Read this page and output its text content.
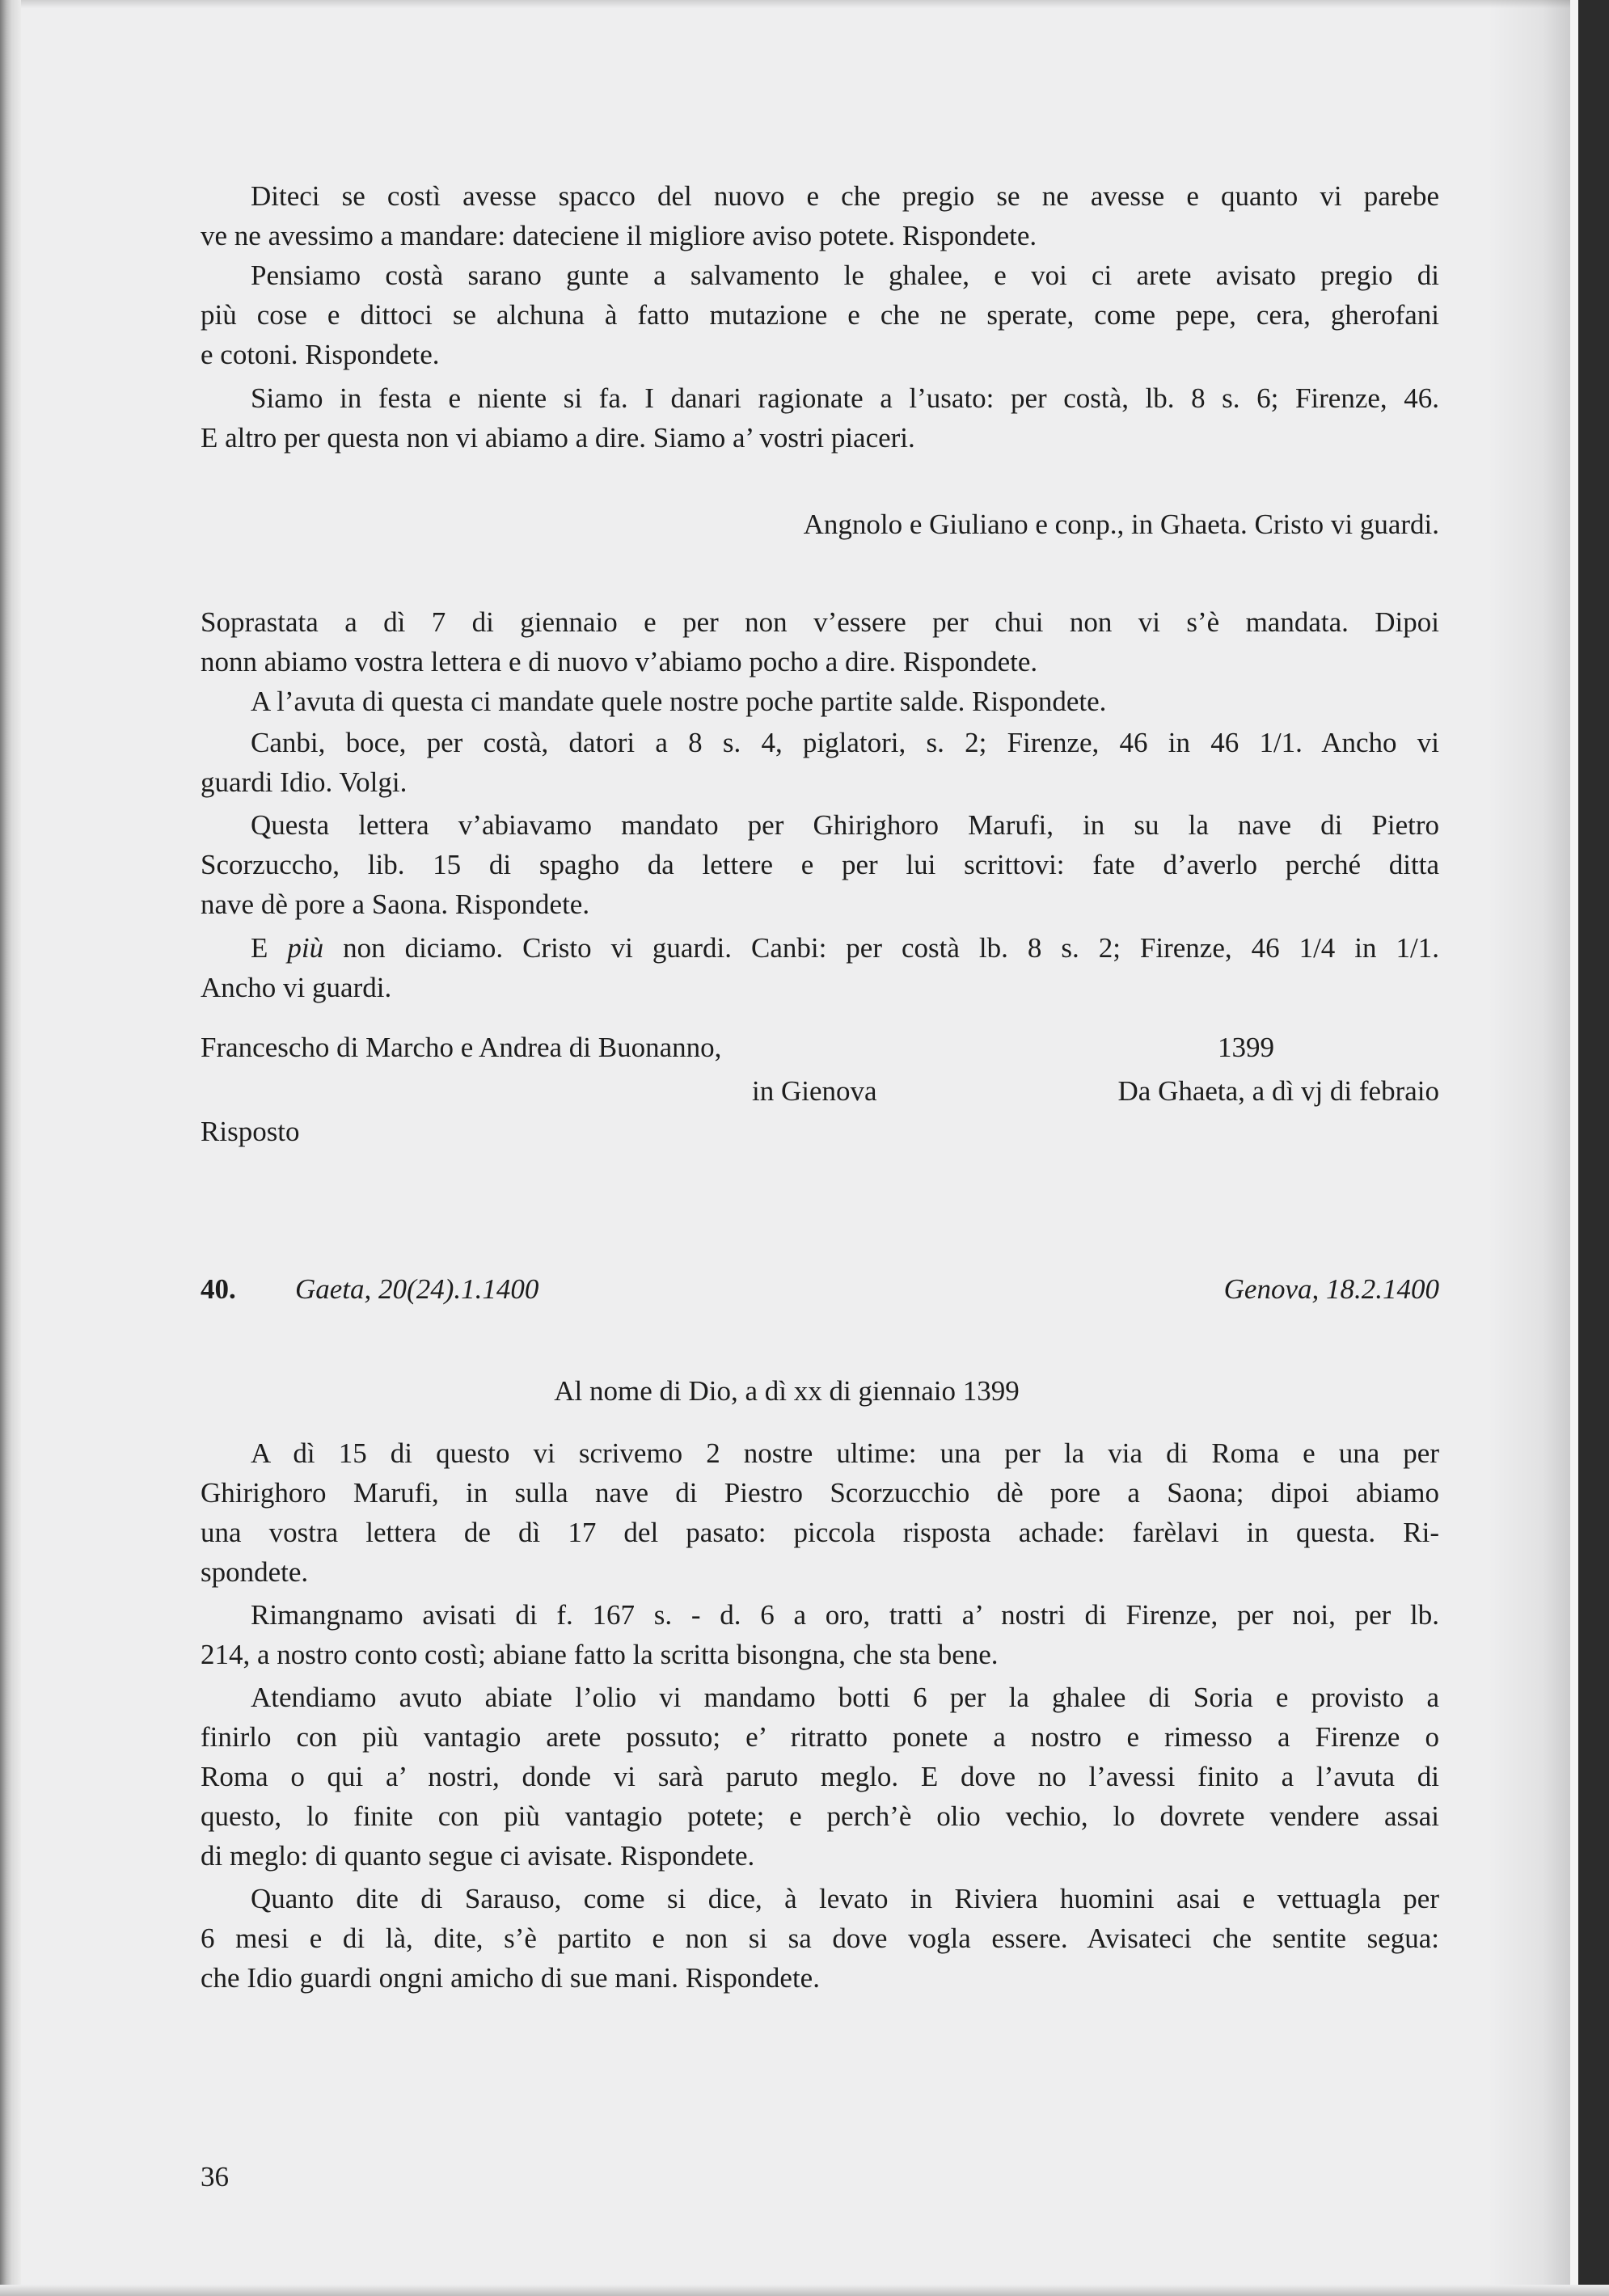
Diteci se costì avesse spacco del nuovo e che pregio se ne avesse e quanto vi parebe

ve ne avessimo a mandare: dateciene il migliore aviso potete. Rispondete.

Pensiamo costà sarano gunte a salvamento le ghalee, e voi ci arete avisato pregio di

più cose e dittoci se alchuna à fatto mutazione e che ne sperate, come pepe, cera, gherofani

e cotoni. Rispondete.

Siamo in festa e niente si fa. I danari ragionate a l’usato: per costà, lb. 8 s. 6; Firenze, 46.

E altro per questa non vi abiamo a dire. Siamo a’ vostri piaceri.

Angnolo e Giuliano e conp., in Ghaeta. Cristo vi guardi.

Soprastata a dì 7 di giennaio e per non v’essere per chui non vi s’è mandata. Dipoi

nonn abiamo vostra lettera e di nuovo v’abiamo pocho a dire. Rispondete.

A l’avuta di questa ci mandate quele nostre poche partite salde. Rispondete.

Canbi, boce, per costà, datori a 8 s. 4, piglatori, s. 2; Firenze, 46 in 46 1/1. Ancho vi

guardi Idio. Volgi.

Questa lettera v’abiavamo mandato per Ghirighoro Marufi, in su la nave di Pietro

Scorzuccho, lib. 15 di spagho da lettere e per lui scrittovi: fate d’averlo perché ditta

nave dè pore a Saona. Rispondete.

E più non diciamo. Cristo vi guardi. Canbi: per costà lb. 8 s. 2; Firenze, 46 1/4 in 1/1.

Ancho vi guardi.

Francescho di Marcho e Andrea di Buonanno,	1399
in Gienova	Da Ghaeta, a dì vj di febraio
Risposto
40. Gaeta, 20(24).1.1400	Genova, 18.2.1400

Al nome di Dio, a dì xx di giennaio 1399

A dì 15 di questo vi scrivemo 2 nostre ultime: una per la via di Roma e una per

Ghirighoro Marufi, in sulla nave di Piestro Scorzucchio dè pore a Saona; dipoi abiamo

una vostra lettera de dì 17 del pasato: piccola risposta achade: farèlavi in questa. Ri-

spondete.

Rimangnamo avisati di f. 167 s. - d. 6 a oro, tratti a’ nostri di Firenze, per noi, per lb.

214, a nostro conto costì; abiane fatto la scritta bisongna, che sta bene.

Atendiamo avuto abiate l’olio vi mandamo botti 6 per la ghalee di Soria e provisto a

finirlo con più vantagio arete possuto; e’ ritratto ponete a nostro e rimesso a Firenze o

Roma o qui a’ nostri, donde vi sarà paruto meglo. E dove no l’avessi finito a l’avuta di

questo, lo finite con più vantagio potete; e perch’è olio vechio, lo dovrete vendere assai

di meglo: di quanto segue ci avisate. Rispondete.

Quanto dite di Sarauso, come si dice, à levato in Riviera huomini asai e vettuagla per

6 mesi e di là, dite, s’è partito e non si sa dove vogla essere. Avisateci che sentite segua:

che Idio guardi ongni amicho di sue mani. Rispondete.

36
